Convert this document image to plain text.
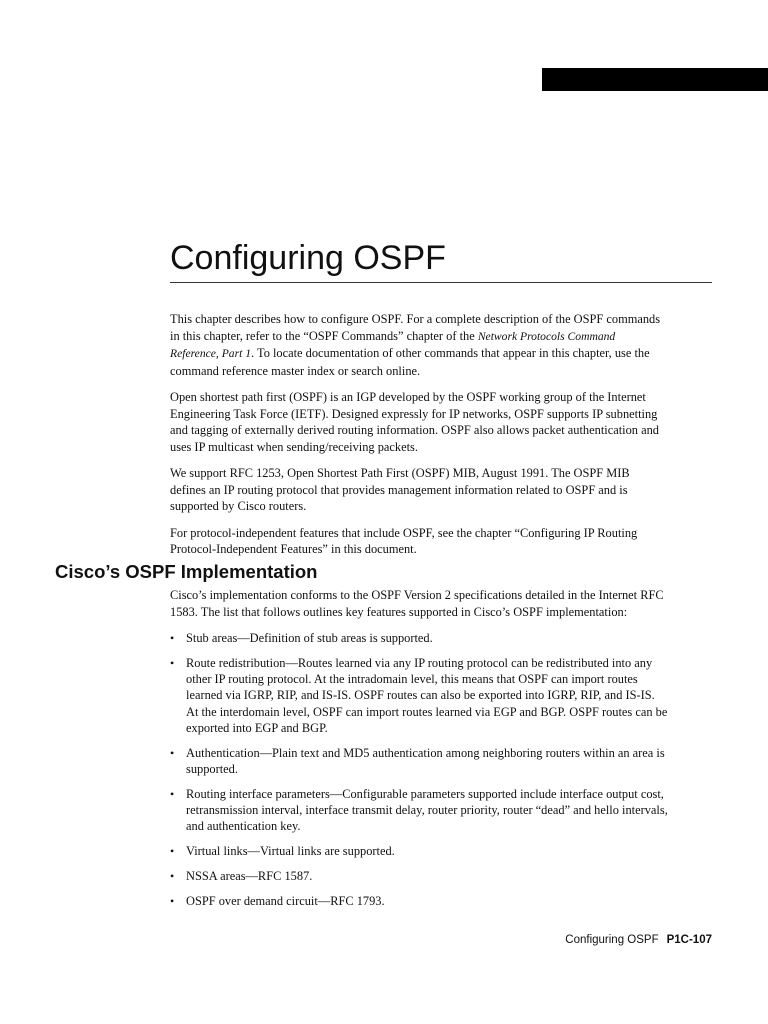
Configuring OSPF

This chapter describes how to configure OSPF. For a complete description of the OSPF commands in this chapter, refer to the “OSPF Commands” chapter of the Network Protocols Command Reference, Part 1. To locate documentation of other commands that appear in this chapter, use the command reference master index or search online.

Open shortest path first (OSPF) is an IGP developed by the OSPF working group of the Internet Engineering Task Force (IETF). Designed expressly for IP networks, OSPF supports IP subnetting and tagging of externally derived routing information. OSPF also allows packet authentication and uses IP multicast when sending/receiving packets.

We support RFC 1253, Open Shortest Path First (OSPF) MIB, August 1991. The OSPF MIB defines an IP routing protocol that provides management information related to OSPF and is supported by Cisco routers.

For protocol-independent features that include OSPF, see the chapter “Configuring IP Routing Protocol-Independent Features” in this document.

Cisco’s OSPF Implementation

Cisco’s implementation conforms to the OSPF Version 2 specifications detailed in the Internet RFC 1583. The list that follows outlines key features supported in Cisco’s OSPF implementation:

• Stub areas—Definition of stub areas is supported.
• Route redistribution—Routes learned via any IP routing protocol can be redistributed into any other IP routing protocol. At the intradomain level, this means that OSPF can import routes learned via IGRP, RIP, and IS-IS. OSPF routes can also be exported into IGRP, RIP, and IS-IS. At the interdomain level, OSPF can import routes learned via EGP and BGP. OSPF routes can be exported into EGP and BGP.
• Authentication—Plain text and MD5 authentication among neighboring routers within an area is supported.
• Routing interface parameters—Configurable parameters supported include interface output cost, retransmission interval, interface transmit delay, router priority, router “dead” and hello intervals, and authentication key.
• Virtual links—Virtual links are supported.
• NSSA areas—RFC 1587.
• OSPF over demand circuit—RFC 1793.
Configuring OSPF P1C-107
